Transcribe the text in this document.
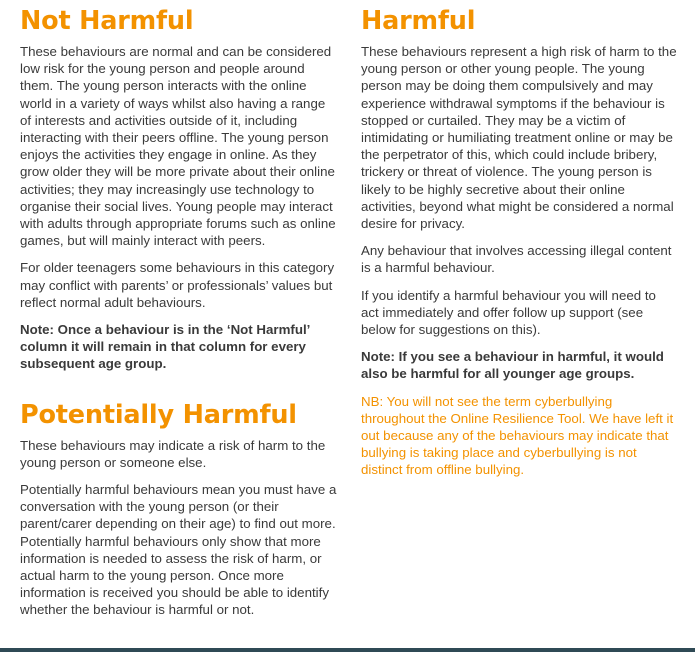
Not Harmful

These behaviours are normal and can be considered low risk for the young person and people around them. The young person interacts with the online world in a variety of ways whilst also having a range of interests and activities outside of it, including interacting with their peers offline. The young person enjoys the activities they engage in online. As they grow older they will be more private about their online activities; they may increasingly use technology to organise their social lives. Young people may interact with adults through appropriate forums such as online games, but will mainly interact with peers.

For older teenagers some behaviours in this category may conflict with parents’ or professionals’ values but reflect normal adult behaviours.

Note: Once a behaviour is in the ‘Not Harmful’ column it will remain in that column for every subsequent age group.

Potentially Harmful

These behaviours may indicate a risk of harm to the young person or someone else.

Potentially harmful behaviours mean you must have a conversation with the young person (or their parent/carer depending on their age) to find out more. Potentially harmful behaviours only show that more information is needed to assess the risk of harm, or actual harm to the young person. Once more information is received you should be able to identify whether the behaviour is harmful or not.

Harmful

These behaviours represent a high risk of harm to the young person or other young people. The young person may be doing them compulsively and may experience withdrawal symptoms if the behaviour is stopped or curtailed. They may be a victim of intimidating or humiliating treatment online or may be the perpetrator of this, which could include bribery, trickery or threat of violence. The young person is likely to be highly secretive about their online activities, beyond what might be considered a normal desire for privacy.

Any behaviour that involves accessing illegal content is a harmful behaviour.

If you identify a harmful behaviour you will need to act immediately and offer follow up support (see below for suggestions on this).

Note: If you see a behaviour in harmful, it would also be harmful for all younger age groups.

NB: You will not see the term cyberbullying throughout the Online Resilience Tool. We have left it out because any of the behaviours may indicate that bullying is taking place and cyberbullying is not distinct from offline bullying.
